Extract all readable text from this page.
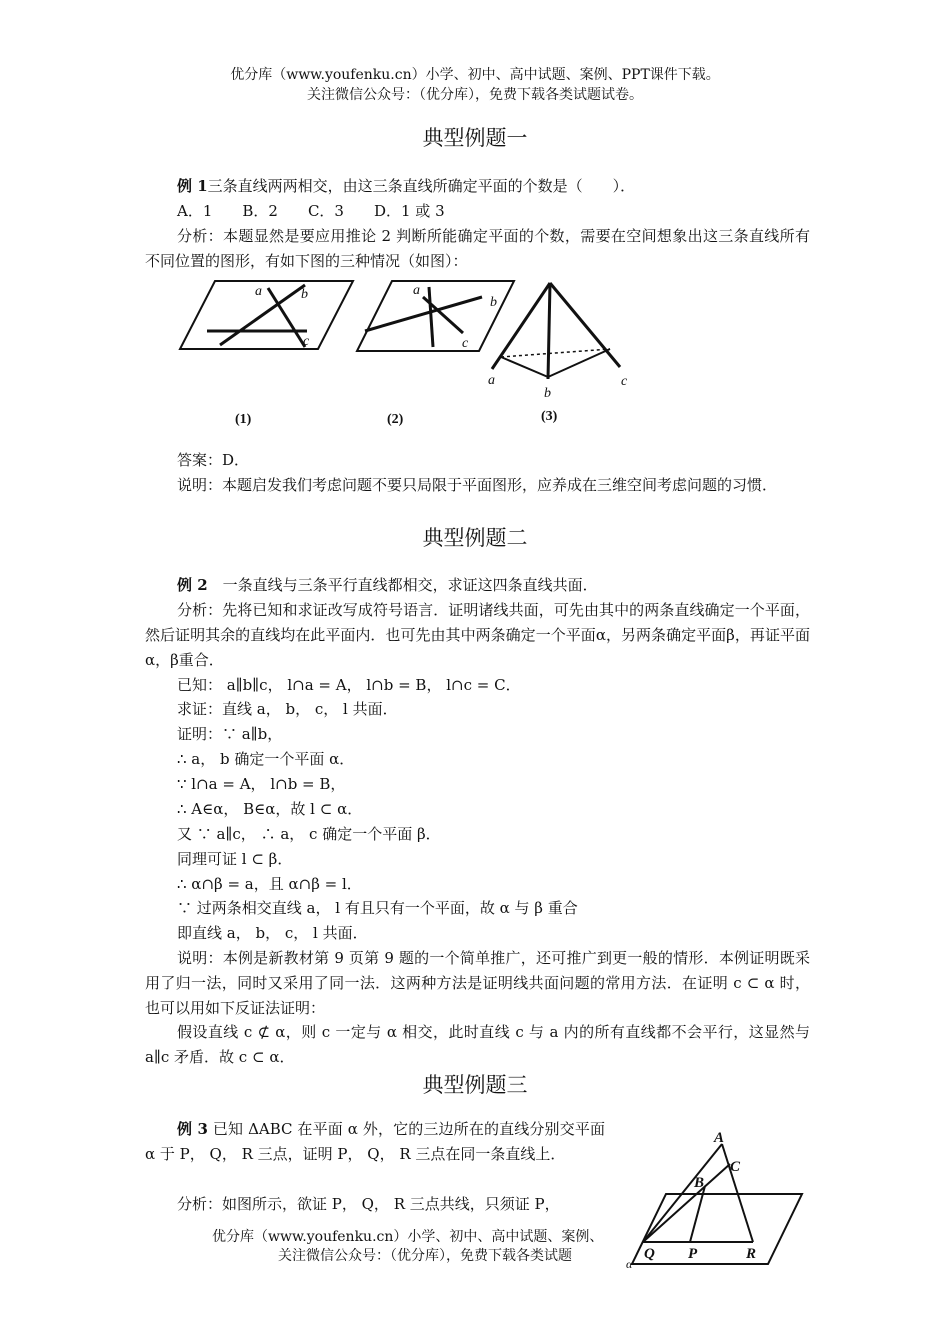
优分库（www.youfenku.cn）小学、初中、高中试题、案例、PPT课件下载。
关注微信公众号：（优分库），免费下载各类试题试卷。
典型例题一
例 1三条直线两两相交，由这三条直线所确定平面的个数是（　　）．
A．1　　B．2　　C．3　　D．1 或 3
分析：本题显然是要应用推论 2 判断所能确定平面的个数，需要在空间想象出这三条直线所有不同位置的图形，有如下图的三种情况（如图）：
a	b
c
a
b
c
a
b
c
(1)	(2)	(3)
答案：D．
说明：本题启发我们考虑问题不要只局限于平面图形，应养成在三维空间考虑问题的习惯．
典型例题二
例 2　一条直线与三条平行直线都相交，求证这四条直线共面．
分析：先将已知和求证改写成符号语言．证明诸线共面，可先由其中的两条直线确定一个平面，然后证明其余的直线均在此平面内．也可先由其中两条确定一个平面α，另两条确定平面β，再证平面α，β重合．
已知： a∥b∥c， l∩a = A， l∩b = B， l∩c = C．
求证：直线 a， b， c， l 共面．
证明：∵ a∥b，
∴ a， b 确定一个平面 α．
∵ l∩a = A， l∩b = B，
∴ A∈α， B∈α，故 l ⊂ α．
又 ∵ a∥c， ∴ a， c 确定一个平面 β．
同理可证 l ⊂ β．
∴ α∩β = a，且 α∩β = l．
∵ 过两条相交直线 a， l 有且只有一个平面，故 α 与 β 重合
即直线 a， b， c， l 共面．
说明：本例是新教材第 9 页第 9 题的一个简单推广，还可推广到更一般的情形．本例证明既采用了归一法，同时又采用了同一法．这两种方法是证明线共面问题的常用方法．在证明 c ⊂ α 时，也可以用如下反证法证明：
假设直线 c ⊄ α，则 c 一定与 α 相交，此时直线 c 与 a 内的所有直线都不会平行，这显然与 a∥c 矛盾．故 c ⊂ α．
典型例题三
例 3 已知 ΔABC 在平面 α 外，它的三边所在的直线分别交平面 α 于 P， Q， R 三点，证明 P， Q， R 三点在同一条直线上．
分析：如图所示，欲证 P， Q， R 三点共线，只须证 P，
A
B
C
Q P	R
α
优分库（www.youfenku.cn）小学、初中、高中试题、案例、
关注微信公众号：（优分库），免费下载各类试题
